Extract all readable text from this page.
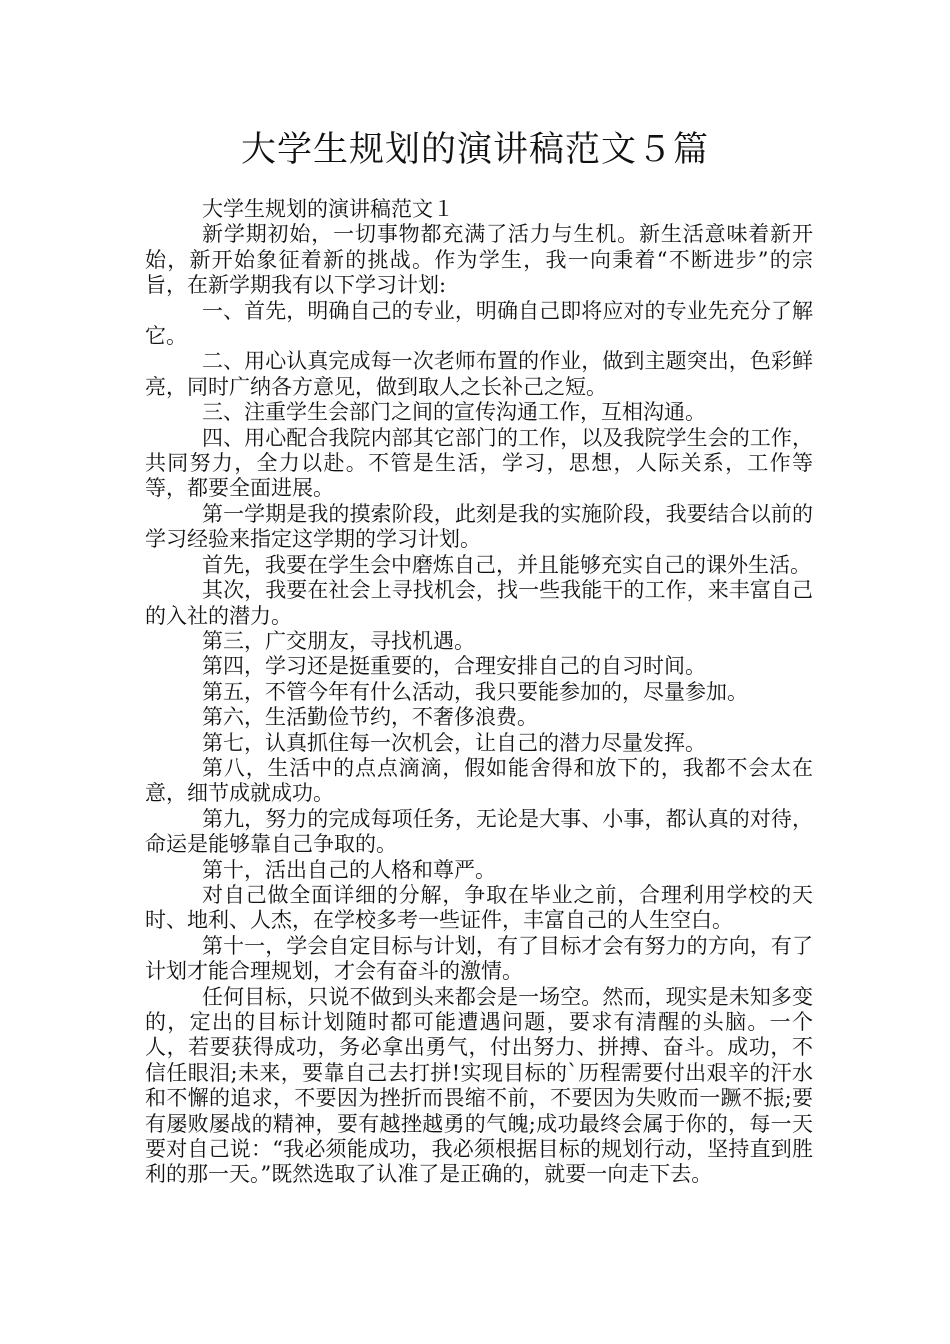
大学生规划的演讲稿范文５篇

大学生规划的演讲稿范文１

新学期初始，一切事物都充满了活力与生机。新生活意味着新开始，新开始象征着新的挑战。作为学生，我一向秉着“不断进步”的宗旨，在新学期我有以下学习计划:

一、首先，明确自己的专业，明确自己即将应对的专业先充分了解它。

二、用心认真完成每一次老师布置的作业，做到主题突出，色彩鲜亮，同时广纳各方意见，做到取人之长补己之短。

三、注重学生会部门之间的宣传沟通工作，互相沟通。

四、用心配合我院内部其它部门的工作，以及我院学生会的工作，共同努力，全力以赴。不管是生活，学习，思想，人际关系，工作等等，都要全面进展。

第一学期是我的摸索阶段，此刻是我的实施阶段，我要结合以前的学习经验来指定这学期的学习计划。

首先，我要在学生会中磨炼自己，并且能够充实自己的课外生活。

其次，我要在社会上寻找机会，找一些我能干的工作，来丰富自己的入社的潜力。

第三，广交朋友，寻找机遇。

第四，学习还是挺重要的，合理安排自己的自习时间。

第五，不管今年有什么活动，我只要能参加的，尽量参加。

第六，生活勤俭节约，不奢侈浪费。

第七，认真抓住每一次机会，让自己的潜力尽量发挥。

第八，生活中的点点滴滴，假如能舍得和放下的，我都不会太在意，细节成就成功。

第九，努力的完成每项任务，无论是大事、小事，都认真的对待，命运是能够靠自己争取的。

第十，活出自己的人格和尊严。

对自己做全面详细的分解，争取在毕业之前，合理利用学校的天时、地利、人杰，在学校多考一些证件，丰富自己的人生空白。

第十一，学会自定目标与计划，有了目标才会有努力的方向，有了计划才能合理规划，才会有奋斗的激情。

任何目标，只说不做到头来都会是一场空。然而，现实是未知多变的，定出的目标计划随时都可能遭遇问题，要求有清醒的头脑。一个人，若要获得成功，务必拿出勇气，付出努力、拼搏、奋斗。成功，不信任眼泪;未来，要靠自己去打拼!实现目标的`历程需要付出艰辛的汗水和不懈的追求，不要因为挫折而畏缩不前，不要因为失败而一蹶不振;要有屡败屡战的精神，要有越挫越勇的气魄;成功最终会属于你的，每一天要对自己说：“我必须能成功，我必须根据目标的规划行动，坚持直到胜利的那一天。”既然选取了认准了是正确的，就要一向走下去。
